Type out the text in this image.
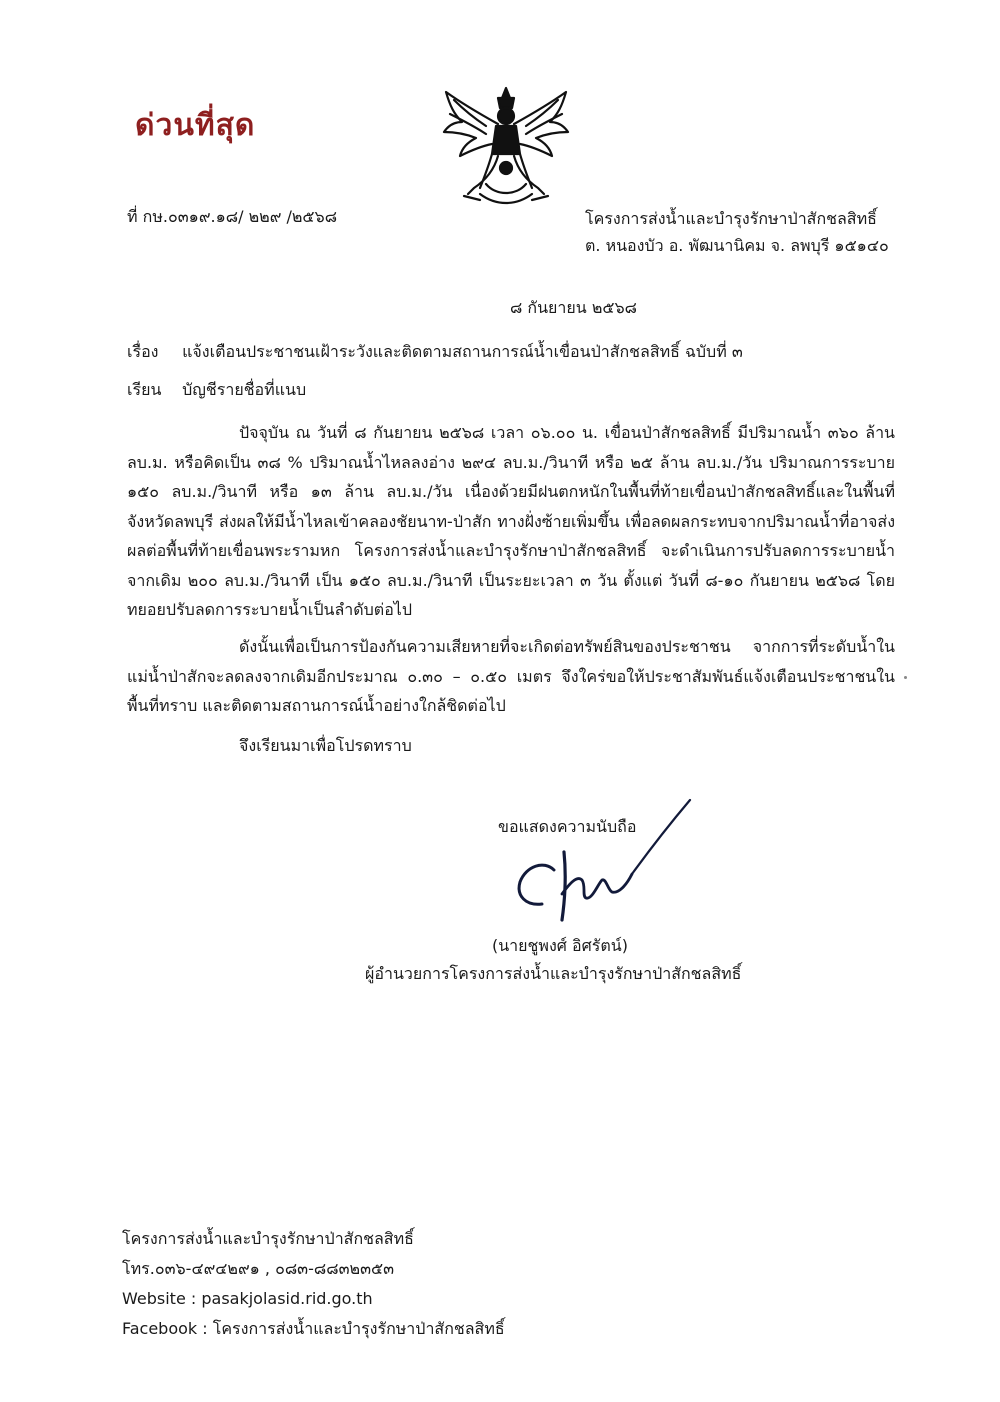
ด่วนที่สุด
ที่ กษ.๐๓๑๙.๑๘/ ๒๒๙ /๒๕๖๘	โครงการส่งน้ำและบำรุงรักษาป่าสักชลสิทธิ์
ต. หนองบัว อ. พัฒนานิคม จ. ลพบุรี ๑๕๑๔๐
๘ กันยายน ๒๕๖๘
เรื่อง แจ้งเตือนประชาชนเฝ้าระวังและติดตามสถานการณ์น้ำเขื่อนป่าสักชลสิทธิ์ ฉบับที่ ๓
เรียน บัญชีรายชื่อที่แนบ

ปัจจุบัน ณ วันที่ ๘ กันยายน ๒๕๖๘ เวลา ๐๖.๐๐ น. เขื่อนป่าสักชลสิทธิ์ มีปริมาณน้ำ ๓๖๐ ล้าน ลบ.ม. หรือคิดเป็น ๓๘ % ปริมาณน้ำไหลลงอ่าง ๒๙๔ ลบ.ม./วินาที หรือ ๒๕ ล้าน ลบ.ม./วัน ปริมาณการระบาย ๑๕๐ ลบ.ม./วินาที หรือ ๑๓ ล้าน ลบ.ม./วัน เนื่องด้วยมีฝนตกหนักในพื้นที่ท้ายเขื่อนป่าสักชลสิทธิ์และในพื้นที่จังหวัดลพบุรี ส่งผลให้มีน้ำไหลเข้าคลองชัยนาท-ป่าสัก ทางฝั่งซ้ายเพิ่มขึ้น เพื่อลดผลกระทบจากปริมาณน้ำที่อาจส่งผลต่อพื้นที่ท้ายเขื่อนพระรามหก โครงการส่งน้ำและบำรุงรักษาป่าสักชลสิทธิ์ จะดำเนินการปรับลดการระบายน้ำ จากเดิม ๒๐๐ ลบ.ม./วินาที เป็น ๑๕๐ ลบ.ม./วินาที เป็นระยะเวลา ๓ วัน ตั้งแต่ วันที่ ๘-๑๐ กันยายน ๒๕๖๘ โดยทยอยปรับลดการระบายน้ำเป็นลำดับต่อไป

ดังนั้นเพื่อเป็นการป้องกันความเสียหายที่จะเกิดต่อทรัพย์สินของประชาชน จากการที่ระดับน้ำในแม่น้ำป่าสักจะลดลงจากเดิมอีกประมาณ ๐.๓๐ – ๐.๕๐ เมตร จึงใคร่ขอให้ประชาสัมพันธ์แจ้งเตือนประชาชนในพื้นที่ทราบ และติดตามสถานการณ์น้ำอย่างใกล้ชิดต่อไป

จึงเรียนมาเพื่อโปรดทราบ
ขอแสดงความนับถือ
(นายชูพงศ์ อิศรัตน์)
ผู้อำนวยการโครงการส่งน้ำและบำรุงรักษาป่าสักชลสิทธิ์
โครงการส่งน้ำและบำรุงรักษาป่าสักชลสิทธิ์
โทร.๐๓๖-๔๙๔๒๙๑ , ๐๘๓-๘๘๓๒๓๕๓
Website : pasakjolasid.rid.go.th
Facebook : โครงการส่งน้ำและบำรุงรักษาป่าสักชลสิทธิ์
